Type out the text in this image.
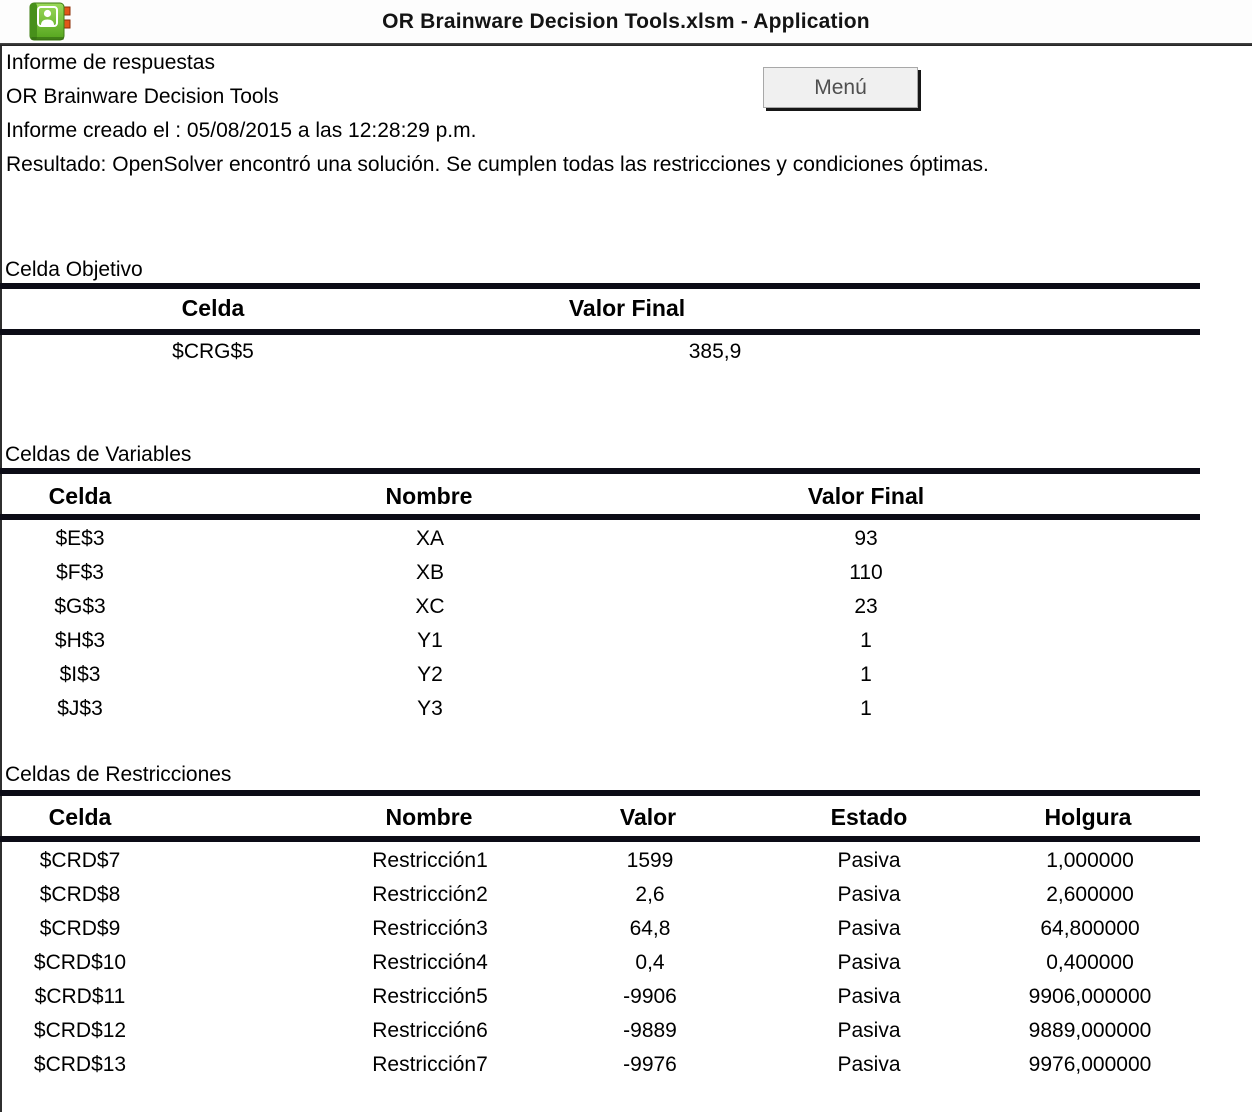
OR Brainware Decision Tools.xlsm - Application
Informe de respuestas
OR Brainware Decision Tools
Informe creado el : 05/08/2015 a las 12:28:29 p.m.
Resultado: OpenSolver encontró una solución. Se cumplen todas las restricciones y condiciones óptimas.
Menú
Celda Objetivo
Celda	Valor Final
$CRG$5	385,9
Celdas de Variables
Celda	Nombre	Valor Final
$E$3	XA	93
$F$3	XB	110
$G$3	XC	23
$H$3	Y1	1
$I$3	Y2	1
$J$3	Y3	1
Celdas de Restricciones
Celda	Nombre	Valor	Estado	Holgura
$CRD$7	Restricción1	1599	Pasiva	1,000000
$CRD$8	Restricción2	2,6	Pasiva	2,600000
$CRD$9	Restricción3	64,8	Pasiva	64,800000
$CRD$10	Restricción4	0,4	Pasiva	0,400000
$CRD$11	Restricción5	-9906	Pasiva	9906,000000
$CRD$12	Restricción6	-9889	Pasiva	9889,000000
$CRD$13	Restricción7	-9976	Pasiva	9976,000000
